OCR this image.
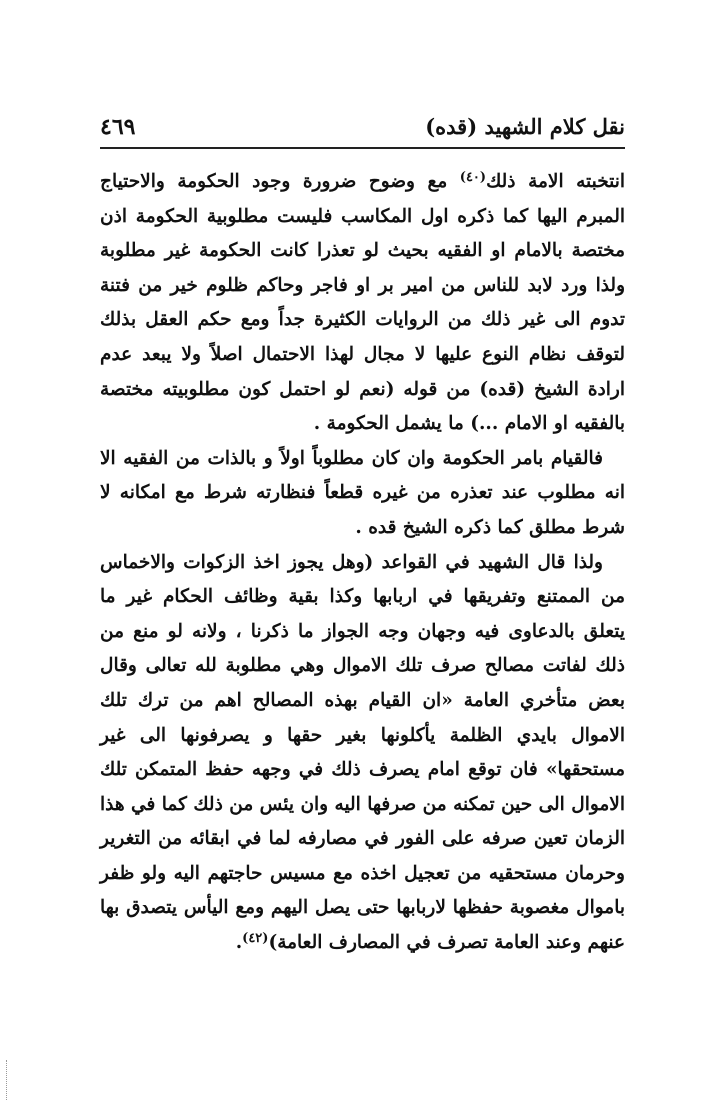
نقل كلام الشهيد (قده)
٤٦٩

انتخبته الامة ذلك$^{(٤٠)}$ مع وضوح ضرورة وجود الحكومة والاحتياج المبرم اليها كما ذكره اول المكاسب فليست مطلوبية الحكومة اذن مختصة بالامام او الفقيه بحيث لو تعذرا كانت الحكومة غير مطلوبة ولذا ورد لابد للناس من امير بر او فاجر وحاكم ظلوم خير من فتنة تدوم الى غير ذلك من الروايات الكثيرة جداً ومع حكم العقل بذلك لتوقف نظام النوع عليها لا مجال لهذا الاحتمال اصلاً ولا يبعد عدم ارادة الشيخ (قده) من قوله (نعم لو احتمل كون مطلوبيته مختصة بالفقيه او الامام ...) ما يشمل الحكومة .

فالقيام بامر الحكومة وان كان مطلوباً اولاً و بالذات من الفقيه الا انه مطلوب عند تعذره من غيره قطعاً فنظارته شرط مع امكانه لا شرط مطلق كما ذكره الشيخ قده .

ولذا قال الشهيد في القواعد (وهل يجوز اخذ الزكوات والاخماس من الممتنع وتفريقها في اربابها وكذا بقية وظائف الحكام غير ما يتعلق بالدعاوى فيه وجهان وجه الجواز ما ذكرنا ، ولانه لو منع من ذلك لفاتت مصالح صرف تلك الاموال وهي مطلوبة لله تعالى وقال بعض متأخري العامة «ان القيام بهذه المصالح اهم من ترك تلك الاموال بايدي الظلمة يأكلونها بغير حقها و يصرفونها الى غير مستحقها» فان توقع امام يصرف ذلك في وجهه حفظ المتمكن تلك الاموال الى حين تمكنه من صرفها اليه وان يئس من ذلك كما في هذا الزمان تعين صرفه على الفور في مصارفه لما في ابقائه من التغرير وحرمان مستحقيه من تعجيل اخذه مع مسيس حاجتهم اليه ولو ظفر باموال مغصوبة حفظها لاربابها حتى يصل اليهم ومع اليأس يتصدق بها عنهم وعند العامة تصرف في المصارف العامة)$^{(٤٢)}$.
